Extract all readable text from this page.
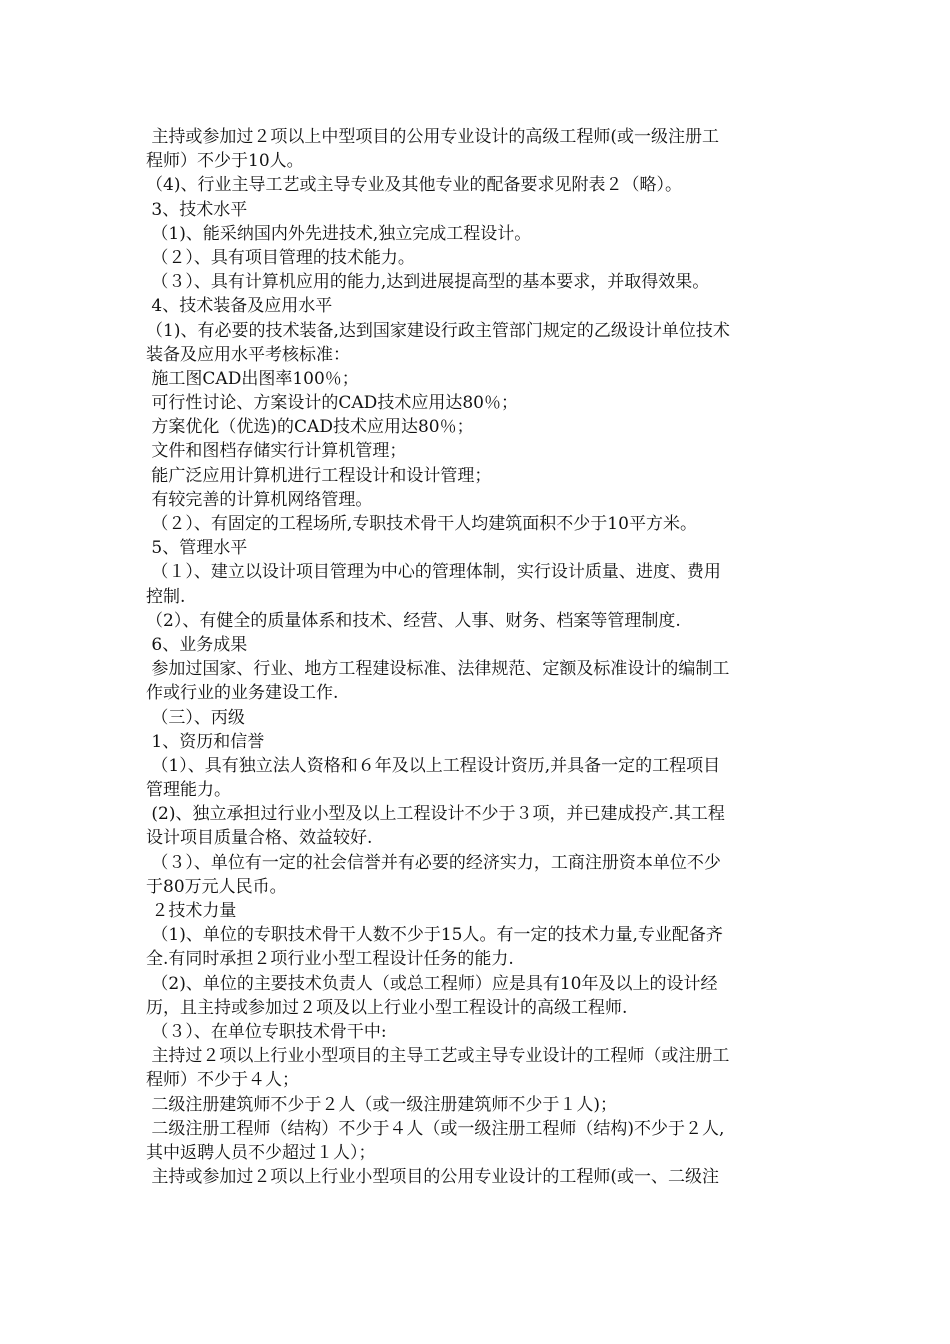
主持或参加过２项以上中型项目的公用专业设计的高级工程师(或一级注册工
程师）不少于10人。
（4)、行业主导工艺或主导专业及其他专业的配备要求见附表２（略）。
3、技术水平
（1)、能采纳国内外先进技术,独立完成工程设计。
（２）、具有项目管理的技术能力。
（３）、具有计算机应用的能力,达到进展提高型的基本要求，并取得效果。
4、技术装备及应用水平
（1)、有必要的技术装备,达到国家建设行政主管部门规定的乙级设计单位技术
装备及应用水平考核标准：
施工图CAD出图率100％；
可行性讨论、方案设计的CAD技术应用达80％；
方案优化（优选)的CAD技术应用达80％；
文件和图档存储实行计算机管理；
能广泛应用计算机进行工程设计和设计管理；
有较完善的计算机网络管理。
（２）、有固定的工程场所,专职技术骨干人均建筑面积不少于10平方米。
5、管理水平
（１）、建立以设计项目管理为中心的管理体制，实行设计质量、进度、费用
控制.
（2）、有健全的质量体系和技术、经营、人事、财务、档案等管理制度.
6、业务成果
参加过国家、行业、地方工程建设标准、法律规范、定额及标准设计的编制工
作或行业的业务建设工作.
（三）、丙级
1、资历和信誉
（1）、具有独立法人资格和６年及以上工程设计资历,并具备一定的工程项目
管理能力。
(2)、独立承担过行业小型及以上工程设计不少于３项，并已建成投产.其工程
设计项目质量合格、效益较好.
（３）、单位有一定的社会信誉并有必要的经济实力，工商注册资本单位不少
于80万元人民币。
２技术力量
（1)、单位的专职技术骨干人数不少于15人。有一定的技术力量,专业配备齐
全.有同时承担２项行业小型工程设计任务的能力.
（2)、单位的主要技术负责人（或总工程师）应是具有10年及以上的设计经
历，且主持或参加过２项及以上行业小型工程设计的高级工程师.
（３）、在单位专职技术骨干中:
主持过２项以上行业小型项目的主导工艺或主导专业设计的工程师（或注册工
程师）不少于４人；
二级注册建筑师不少于２人（或一级注册建筑师不少于１人)；
二级注册工程师（结构）不少于４人（或一级注册工程师（结构)不少于２人,
其中返聘人员不少超过１人）；
主持或参加过２项以上行业小型项目的公用专业设计的工程师(或一、二级注
